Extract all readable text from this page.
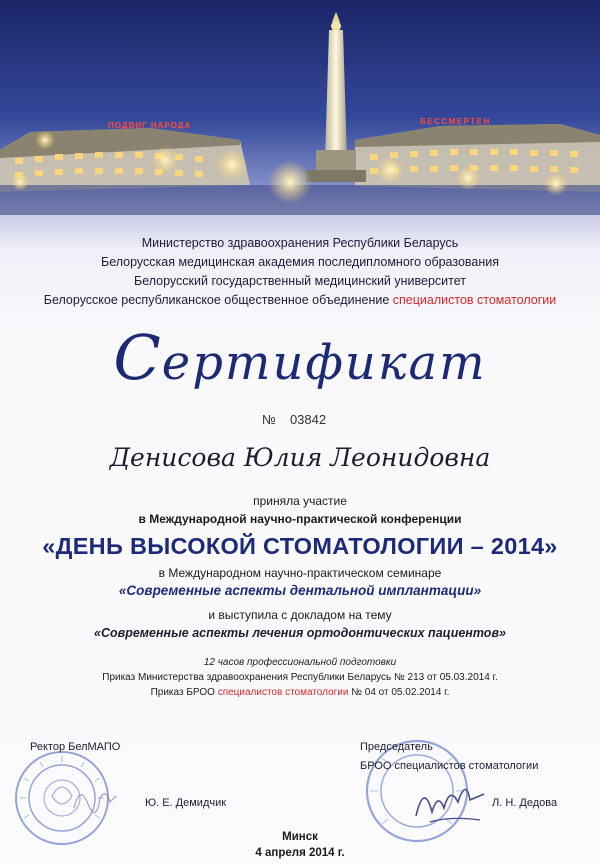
ПОДВИГ НАРОДА	БЕССМЕРТЕН
Министерство здравоохранения Республики Беларусь
Белорусская медицинская академия последипломного образования
Белорусский государственный медицинский университет
Белорусское республиканское общественное объединение специалистов стоматологии
Сертификат
№ 03842
Денисова Юлия Леонидовна
приняла участие
в Международной научно-практической конференции
«ДЕНЬ ВЫСОКОЙ СТОМАТОЛОГИИ – 2014»
в Международном научно-практическом семинаре
«Современные аспекты дентальной имплантации»
и выступила с докладом на тему
«Современные аспекты лечения ортодонтических пациентов»
12 часов профессиональной подготовки
Приказ Министерства здравоохранения Республики Беларусь № 213 от 05.03.2014 г.
Приказ БРОО специалистов стоматологии № 04 от 05.02.2014 г.
Ректор БелМАПО
Ю. Е. Демидчик
Председатель
БРОО специалистов стоматологии
Л. Н. Дедова
Минск
4 апреля 2014 г.
